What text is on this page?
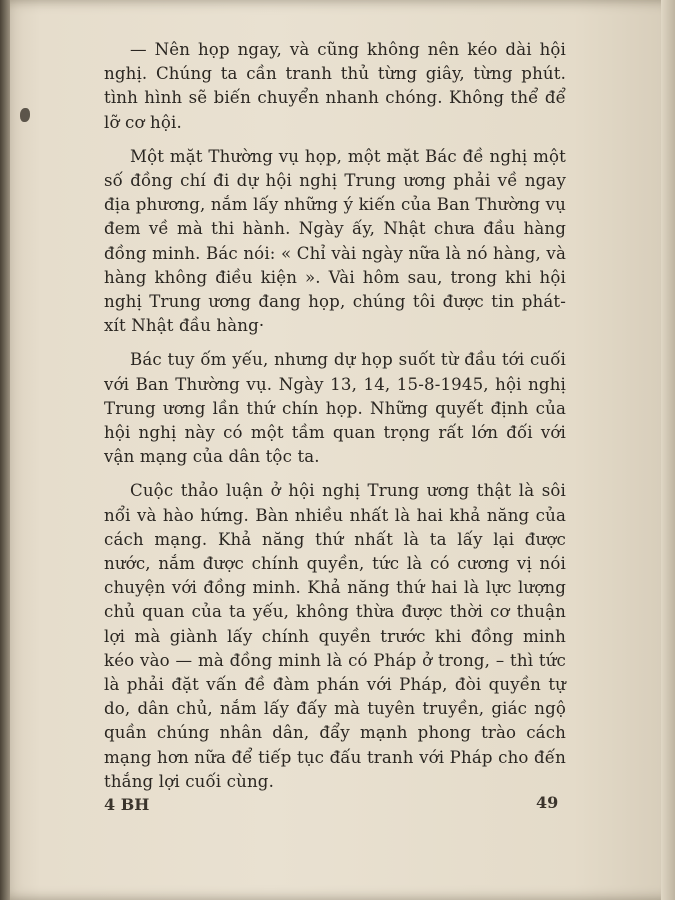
— Nên họp ngay, và cũng không nên kéo dài hội nghị. Chúng ta cần tranh thủ từng giây, từng phút. tình hình sẽ biến chuyển nhanh chóng. Không thể để lỡ cơ hội.

Một mặt Thường vụ họp, một mặt Bác đề nghị một số đồng chí đi dự hội nghị Trung ương phải về ngay địa phương, nắm lấy những ý kiến của Ban Thường vụ đem về mà thi hành. Ngày ấy, Nhật chưa đầu hàng đồng minh. Bác nói: « Chỉ vài ngày nữa là nó hàng, và hàng không điều kiện ». Vài hôm sau, trong khi hội nghị Trung ương đang họp, chúng tôi được tin phát-xít Nhật đầu hàng·

Bác tuy ốm yếu, nhưng dự họp suốt từ đầu tới cuối với Ban Thường vụ. Ngày 13, 14, 15-8-1945, hội nghị Trung ương lần thứ chín họp. Những quyết định của hội nghị này có một tầm quan trọng rất lớn đối với vận mạng của dân tộc ta.

Cuộc thảo luận ở hội nghị Trung ương thật là sôi nổi và hào hứng. Bàn nhiều nhất là hai khả năng của cách mạng. Khả năng thứ nhất là ta lấy lại được nước, nắm được chính quyền, tức là có cương vị nói chuyện với đồng minh. Khả năng thứ hai là lực lượng chủ quan của ta yếu, không thừa được thời cơ thuận lợi mà giành lấy chính quyền trước khi đồng minh kéo vào — mà đồng minh là có Pháp ở trong, – thì tức là phải đặt vấn đề đàm phán với Pháp, đòi quyền tự do, dân chủ, nắm lấy đấy mà tuyên truyền, giác ngộ quần chúng nhân dân, đẩy mạnh phong trào cách mạng hơn nữa để tiếp tục đấu tranh với Pháp cho đến thắng lợi cuối cùng.

4 BH	49
